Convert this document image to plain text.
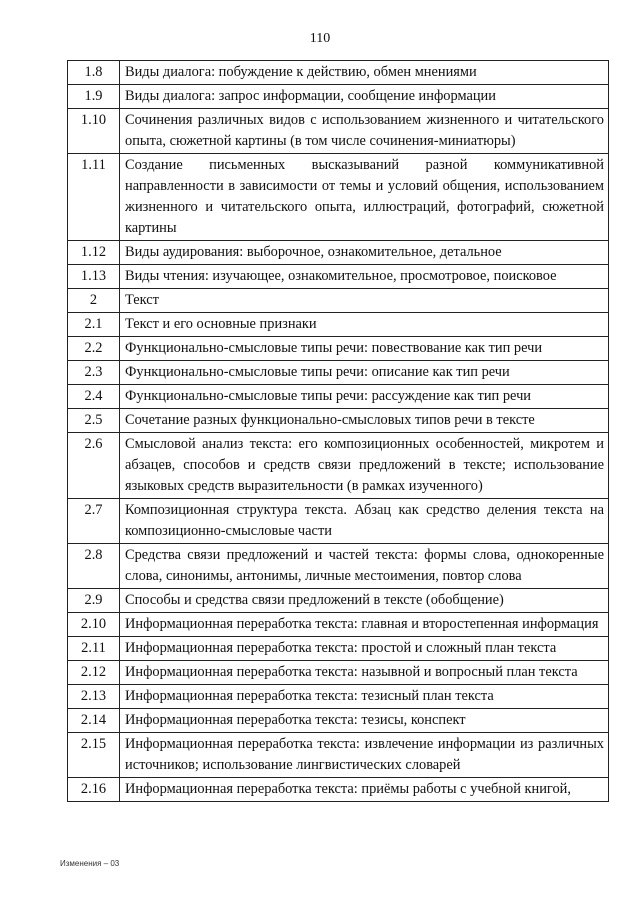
110
1.8	Виды диалога: побуждение к действию, обмен мнениями
1.9	Виды диалога: запрос информации, сообщение информации
1.10	Сочинения различных видов с использованием жизненного и читательского опыта, сюжетной картины (в том числе сочинения-миниатюры)
1.11	Создание письменных высказываний разной коммуникативной направленности в зависимости от темы и условий общения, использованием жизненного и читательского опыта, иллюстраций, фотографий, сюжетной картины
1.12	Виды аудирования: выборочное, ознакомительное, детальное
1.13	Виды чтения: изучающее, ознакомительное, просмотровое, поисковое
2	Текст
2.1	Текст и его основные признаки
2.2	Функционально-смысловые типы речи: повествование как тип речи
2.3	Функционально-смысловые типы речи: описание как тип речи
2.4	Функционально-смысловые типы речи: рассуждение как тип речи
2.5	Сочетание разных функционально-смысловых типов речи в тексте
2.6	Смысловой анализ текста: его композиционных особенностей, микротем и абзацев, способов и средств связи предложений в тексте; использование языковых средств выразительности (в рамках изученного)
2.7	Композиционная структура текста. Абзац как средство деления текста на композиционно-смысловые части
2.8	Средства связи предложений и частей текста: формы слова, однокоренные слова, синонимы, антонимы, личные местоимения, повтор слова
2.9	Способы и средства связи предложений в тексте (обобщение)
2.10	Информационная переработка текста: главная и второстепенная информация
2.11	Информационная переработка текста: простой и сложный план текста
2.12	Информационная переработка текста: назывной и вопросный план текста
2.13	Информационная переработка текста: тезисный план текста
2.14	Информационная переработка текста: тезисы, конспект
2.15	Информационная переработка текста: извлечение информации из различных источников; использование лингвистических словарей
2.16	Информационная переработка текста: приёмы работы с учебной книгой,
Изменения – 03
